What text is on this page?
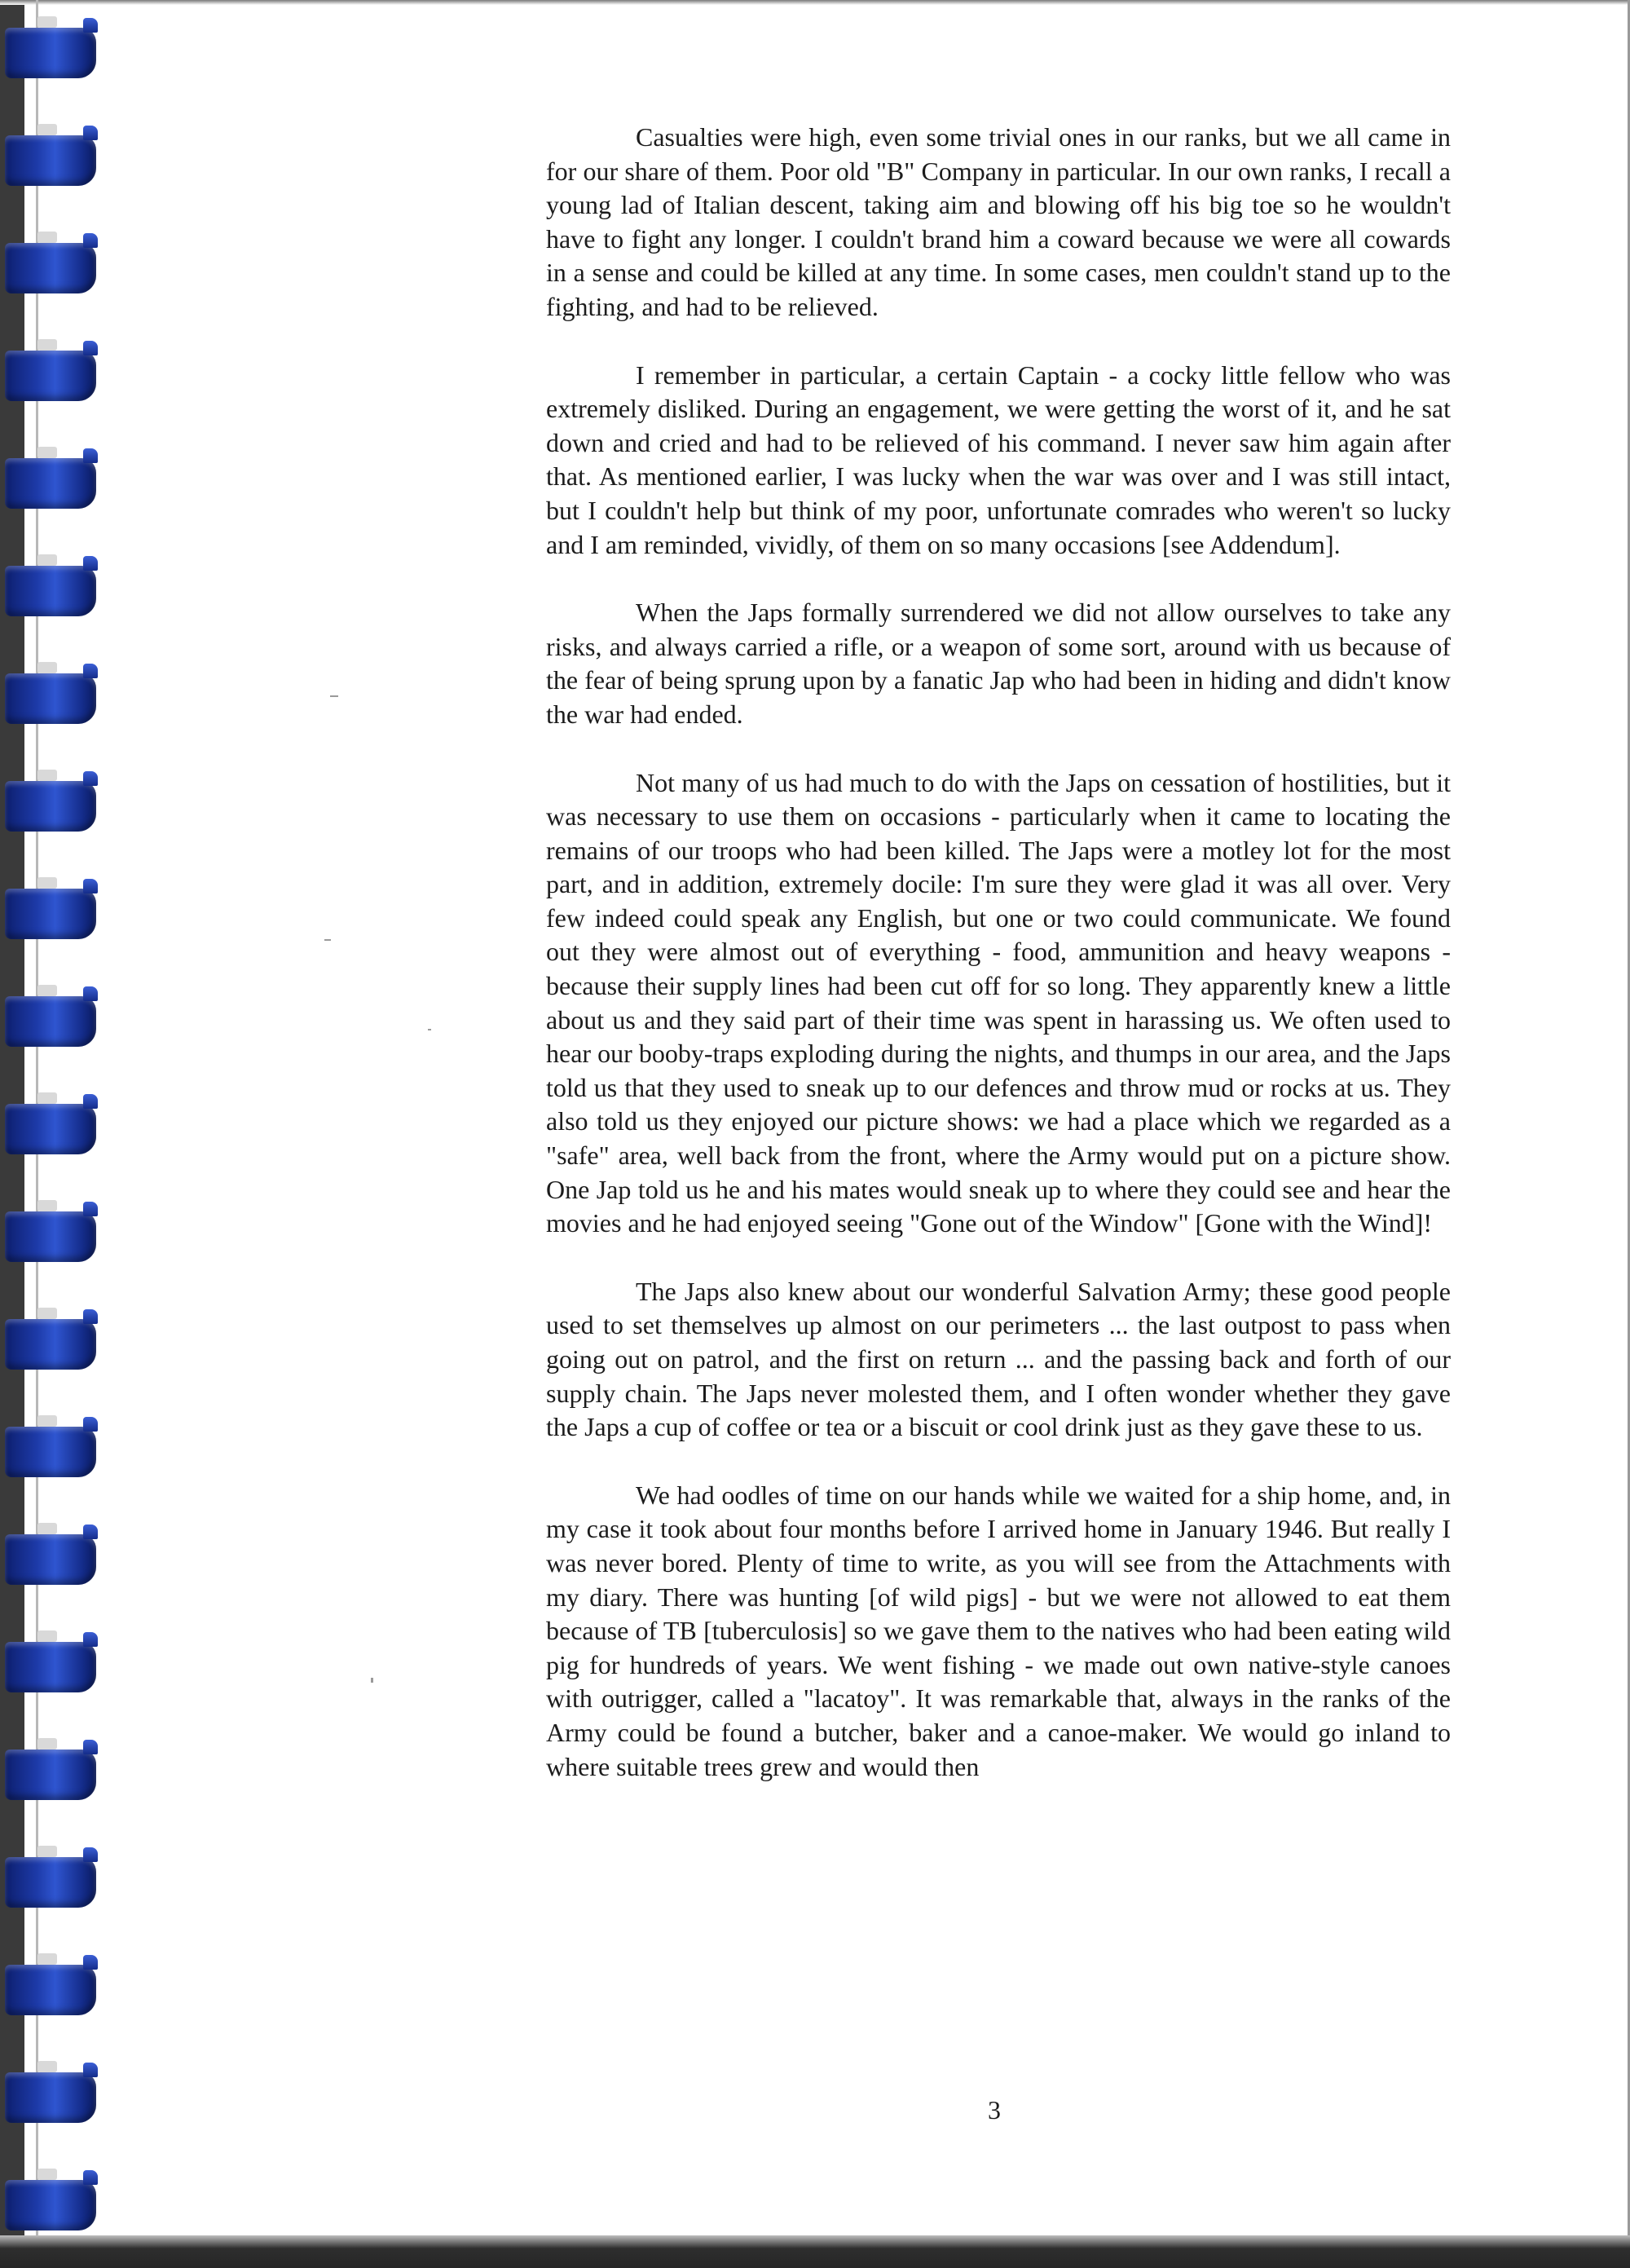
Casualties were high, even some trivial ones in our ranks, but we all came in for our share of them. Poor old "B" Company in particular. In our own ranks, I recall a young lad of Italian descent, taking aim and blowing off his big toe so he wouldn't have to fight any longer. I couldn't brand him a coward because we were all cowards in a sense and could be killed at any time. In some cases, men couldn't stand up to the fighting, and had to be relieved.

I remember in particular, a certain Captain - a cocky little fellow who was extremely disliked. During an engagement, we were getting the worst of it, and he sat down and cried and had to be relieved of his command. I never saw him again after that. As mentioned earlier, I was lucky when the war was over and I was still intact, but I couldn't help but think of my poor, unfortunate comrades who weren't so lucky and I am reminded, vividly, of them on so many occasions [see Addendum].

When the Japs formally surrendered we did not allow ourselves to take any risks, and always carried a rifle, or a weapon of some sort, around with us because of the fear of being sprung upon by a fanatic Jap who had been in hiding and didn't know the war had ended.

Not many of us had much to do with the Japs on cessation of hostilities, but it was necessary to use them on occasions - particularly when it came to locating the remains of our troops who had been killed. The Japs were a motley lot for the most part, and in addition, extremely docile: I'm sure they were glad it was all over. Very few indeed could speak any English, but one or two could communicate. We found out they were almost out of everything - food, ammunition and heavy weapons - because their supply lines had been cut off for so long. They apparently knew a little about us and they said part of their time was spent in harassing us. We often used to hear our booby-traps exploding during the nights, and thumps in our area, and the Japs told us that they used to sneak up to our defences and throw mud or rocks at us. They also told us they enjoyed our picture shows: we had a place which we regarded as a "safe" area, well back from the front, where the Army would put on a picture show. One Jap told us he and his mates would sneak up to where they could see and hear the movies and he had enjoyed seeing "Gone out of the Window" [Gone with the Wind]!

The Japs also knew about our wonderful Salvation Army; these good people used to set themselves up almost on our perimeters ... the last outpost to pass when going out on patrol, and the first on return ... and the passing back and forth of our supply chain. The Japs never molested them, and I often wonder whether they gave the Japs a cup of coffee or tea or a biscuit or cool drink just as they gave these to us.

We had oodles of time on our hands while we waited for a ship home, and, in my case it took about four months before I arrived home in January 1946. But really I was never bored. Plenty of time to write, as you will see from the Attachments with my diary. There was hunting [of wild pigs] - but we were not allowed to eat them because of TB [tuberculosis] so we gave them to the natives who had been eating wild pig for hundreds of years. We went fishing - we made out own native-style canoes with outrigger, called a "lacatoy". It was remarkable that, always in the ranks of the Army could be found a butcher, baker and a canoe-maker. We would go inland to where suitable trees grew and would then

3
